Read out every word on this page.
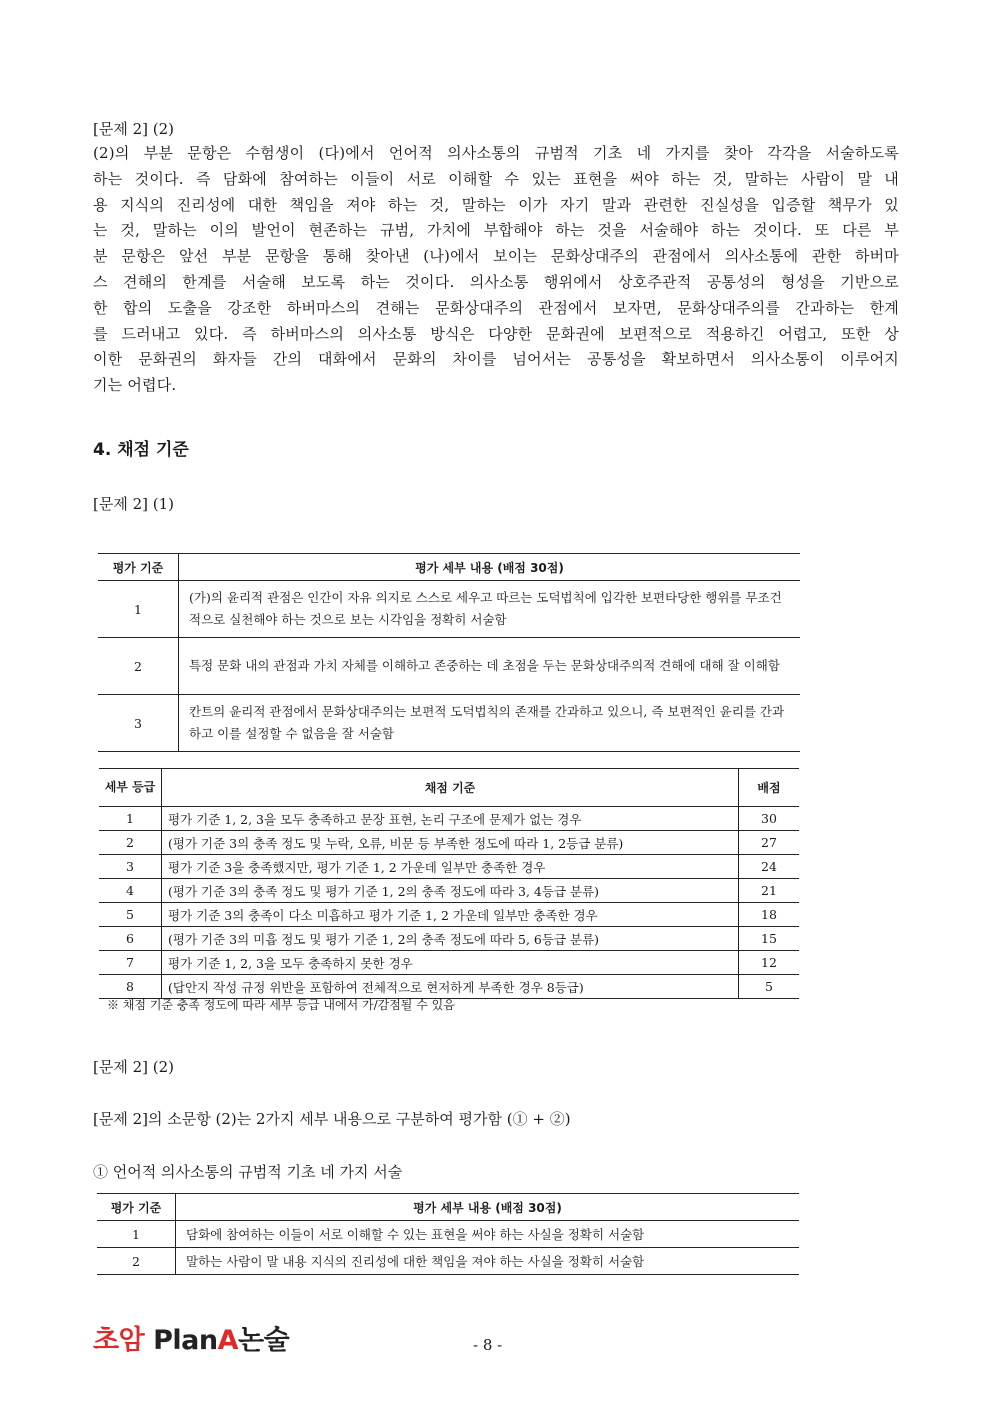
[문제 2] (2)
(2)의 부분 문항은 수험생이 (다)에서 언어적 의사소통의 규범적 기초 네 가지를 찾아 각각을 서술하도록
하는 것이다. 즉 담화에 참여하는 이들이 서로 이해할 수 있는 표현을 써야 하는 것, 말하는 사람이 말 내
용 지식의 진리성에 대한 책임을 져야 하는 것, 말하는 이가 자기 말과 관련한 진실성을 입증할 책무가 있
는 것, 말하는 이의 발언이 현존하는 규범, 가치에 부합해야 하는 것을 서술해야 하는 것이다. 또 다른 부
분 문항은 앞선 부분 문항을 통해 찾아낸 (나)에서 보이는 문화상대주의 관점에서 의사소통에 관한 하버마
스 견해의 한계를 서술해 보도록 하는 것이다. 의사소통 행위에서 상호주관적 공통성의 형성을 기반으로
한 합의 도출을 강조한 하버마스의 견해는 문화상대주의 관점에서 보자면, 문화상대주의를 간과하는 한계
를 드러내고 있다. 즉 하버마스의 의사소통 방식은 다양한 문화권에 보편적으로 적용하긴 어렵고, 또한 상
이한 문화권의 화자들 간의 대화에서 문화의 차이를 넘어서는 공통성을 확보하면서 의사소통이 이루어지
기는 어렵다.
4. 채점 기준
[문제 2] (1)
평가 기준	평가 세부 내용 (배점 30점)
1	(가)의 윤리적 관점은 인간이 자유 의지로 스스로 세우고 따르는 도덕법칙에 입각한 보편타당한 행위를 무조건적으로 실천해야 하는 것으로 보는 시각임을 정확히 서술함
2	특정 문화 내의 관점과 가치 자체를 이해하고 존중하는 데 초점을 두는 문화상대주의적 견해에 대해 잘 이해함
3	칸트의 윤리적 관점에서 문화상대주의는 보편적 도덕법칙의 존재를 간과하고 있으니, 즉 보편적인 윤리를 간과하고 이를 설정할 수 없음을 잘 서술함
세부 등급	채점 기준	배점
1	평가 기준 1, 2, 3을 모두 충족하고 문장 표현, 논리 구조에 문제가 없는 경우	30
2	(평가 기준 3의 충족 정도 및 누락, 오류, 비문 등 부족한 정도에 따라 1, 2등급 분류)	27
3	평가 기준 3을 충족했지만, 평가 기준 1, 2 가운데 일부만 충족한 경우	24
4	(평가 기준 3의 충족 정도 및 평가 기준 1, 2의 충족 정도에 따라 3, 4등급 분류)	21
5	평가 기준 3의 충족이 다소 미흡하고 평가 기준 1, 2 가운데 일부만 충족한 경우	18
6	(평가 기준 3의 미흡 정도 및 평가 기준 1, 2의 충족 정도에 따라 5, 6등급 분류)	15
7	평가 기준 1, 2, 3을 모두 충족하지 못한 경우	12
8	(답안지 작성 규정 위반을 포함하여 전체적으로 현저하게 부족한 경우 8등급)	5
※ 채점 기준 충족 정도에 따라 세부 등급 내에서 가/감점될 수 있음
[문제 2] (2)
[문제 2]의 소문항 (2)는 2가지 세부 내용으로 구분하여 평가함 (① + ②)
① 언어적 의사소통의 규범적 기초 네 가지 서술
평가 기준	평가 세부 내용 (배점 30점)
1	담화에 참여하는 이들이 서로 이해할 수 있는 표현을 써야 하는 사실을 정확히 서술함
2	말하는 사람이 말 내용 지식의 진리성에 대한 책임을 져야 하는 사실을 정확히 서술함
초암 PlanA논술	- 8 -
